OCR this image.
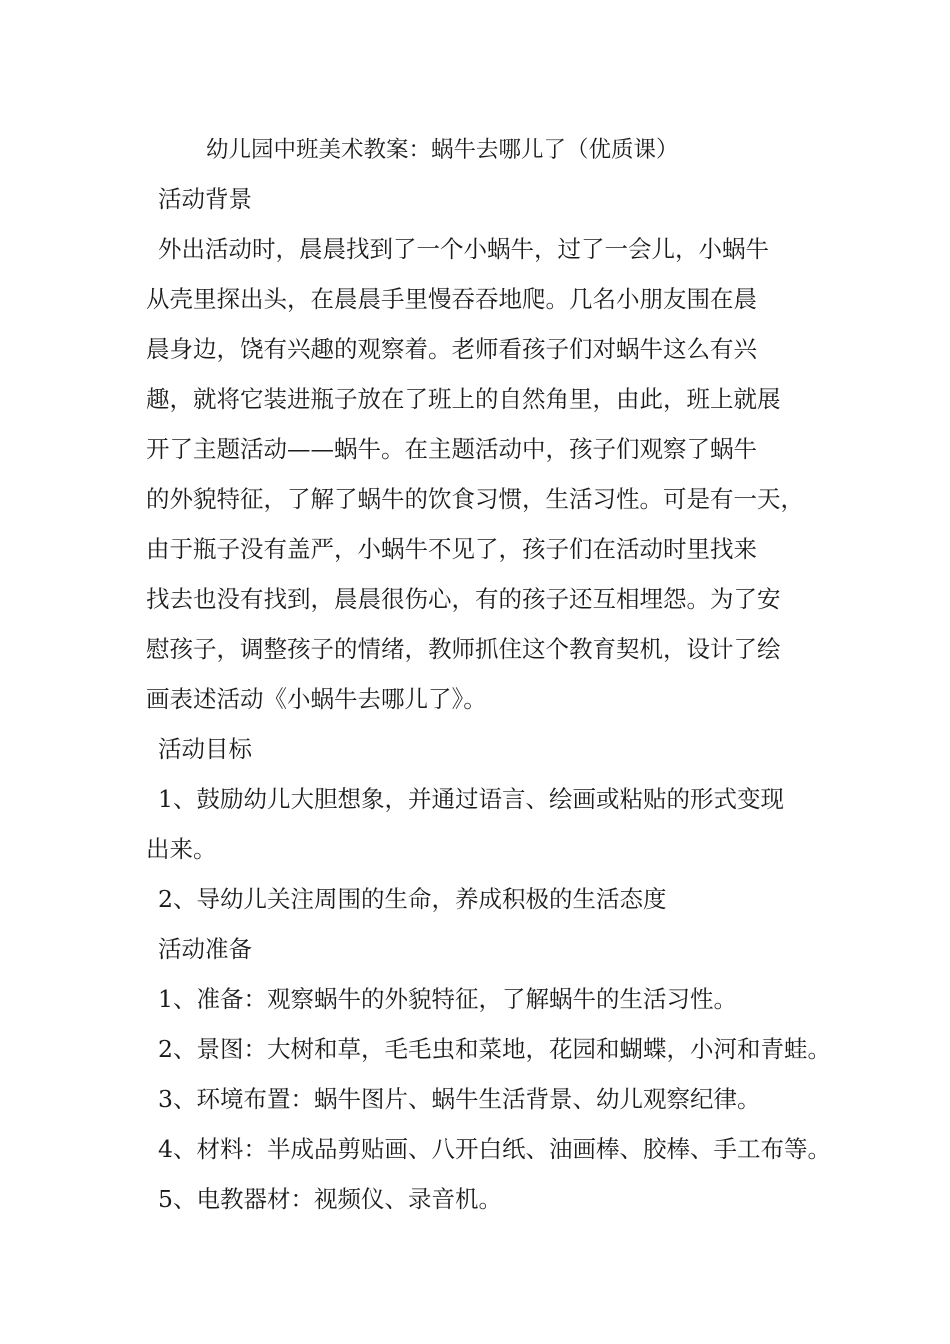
幼儿园中班美术教案：蜗牛去哪儿了（优质课）

活动背景

外出活动时，晨晨找到了一个小蜗牛，过了一会儿，小蜗牛

从壳里探出头，在晨晨手里慢吞吞地爬。几名小朋友围在晨

晨身边，饶有兴趣的观察着。老师看孩子们对蜗牛这么有兴

趣，就将它装进瓶子放在了班上的自然角里，由此，班上就展

开了主题活动——蜗牛。在主题活动中，孩子们观察了蜗牛

的外貌特征，了解了蜗牛的饮食习惯，生活习性。可是有一天，

由于瓶子没有盖严，小蜗牛不见了，孩子们在活动时里找来

找去也没有找到，晨晨很伤心，有的孩子还互相埋怨。为了安

慰孩子，调整孩子的情绪，教师抓住这个教育契机，设计了绘

画表述活动《小蜗牛去哪儿了》。

活动目标

1、鼓励幼儿大胆想象，并通过语言、绘画或粘贴的形式变现

出来。

2、导幼儿关注周围的生命，养成积极的生活态度

活动准备

1、准备：观察蜗牛的外貌特征，了解蜗牛的生活习性。

2、景图：大树和草，毛毛虫和菜地，花园和蝴蝶，小河和青蛙。

3、环境布置：蜗牛图片、蜗牛生活背景、幼儿观察纪律。

4、材料：半成品剪贴画、八开白纸、油画棒、胶棒、手工布等。

5、电教器材：视频仪、录音机。
